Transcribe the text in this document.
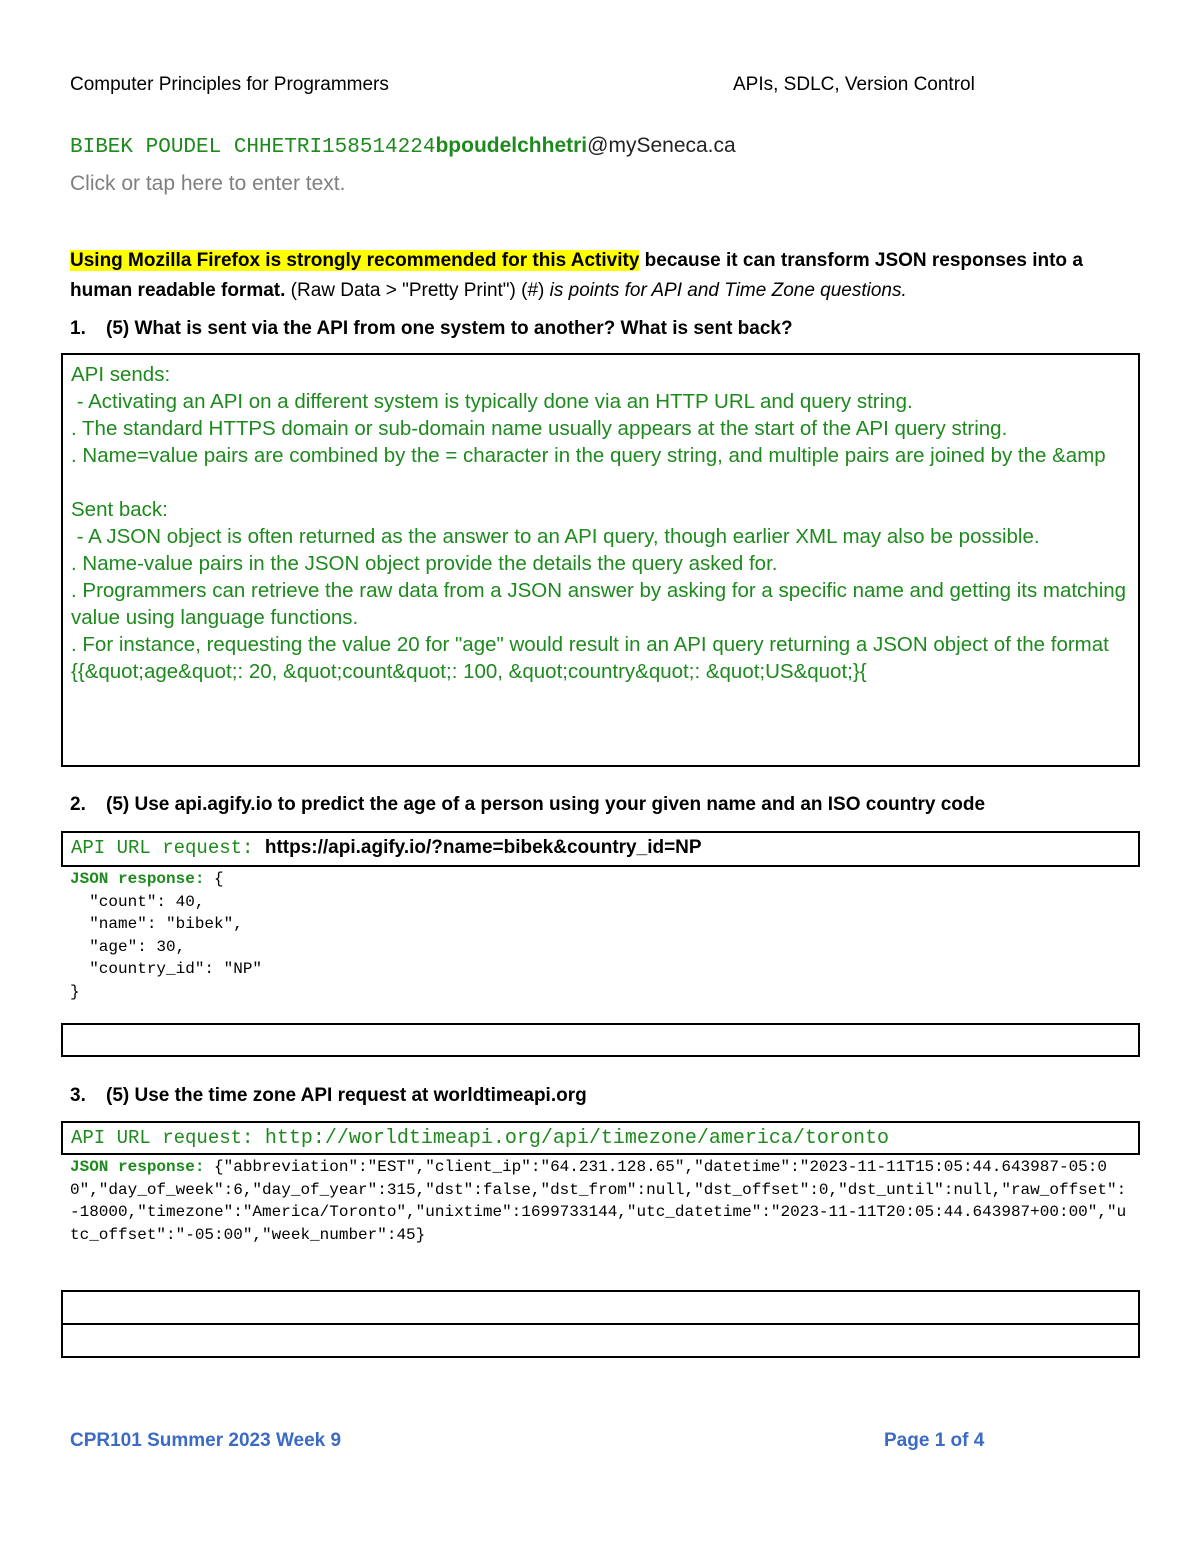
Computer Principles for Programmers	APIs, SDLC, Version Control
BIBEK POUDEL CHHETRI158514224bpoudelchhetri@mySeneca.ca
Click or tap here to enter text.
Using Mozilla Firefox is strongly recommended for this Activity because it can transform JSON responses into a human readable format. (Raw Data > "Pretty Print") (#) is points for API and Time Zone questions.
1. (5) What is sent via the API from one system to another? What is sent back?
API sends:
- Activating an API on a different system is typically done via an HTTP URL and query string.
. The standard HTTPS domain or sub-domain name usually appears at the start of the API query string.
. Name=value pairs are combined by the = character in the query string, and multiple pairs are joined by the &amp

Sent back:
- A JSON object is often returned as the answer to an API query, though earlier XML may also be possible.
. Name-value pairs in the JSON object provide the details the query asked for.
. Programmers can retrieve the raw data from a JSON answer by asking for a specific name and getting its matching value using language functions.
. For instance, requesting the value 20 for "age" would result in an API query returning a JSON object of the format {{&quot;age&quot;: 20, &quot;count&quot;: 100, &quot;country&quot;: &quot;US&quot;}{
2. (5) Use api.agify.io to predict the age of a person using your given name and an ISO country code
API URL request: https://api.agify.io/?name=bibek&country_id=NP
JSON response: {
"count": 40,
"name": "bibek",
"age": 30,
"country_id": "NP"
}
3. (5) Use the time zone API request at worldtimeapi.org
API URL request: http://worldtimeapi.org/api/timezone/america/toronto
JSON response: {"abbreviation":"EST","client_ip":"64.231.128.65","datetime":"2023-11-11T15:05:44.643987-05:00","day_of_week":6,"day_of_year":315,"dst":false,"dst_from":null,"dst_offset":0,"dst_until":null,"raw_offset":-18000,"timezone":"America/Toronto","unixtime":1699733144,"utc_datetime":"2023-11-11T20:05:44.643987+00:00","utc_offset":"-05:00","week_number":45}
CPR101 Summer 2023 Week 9	Page 1 of 4
